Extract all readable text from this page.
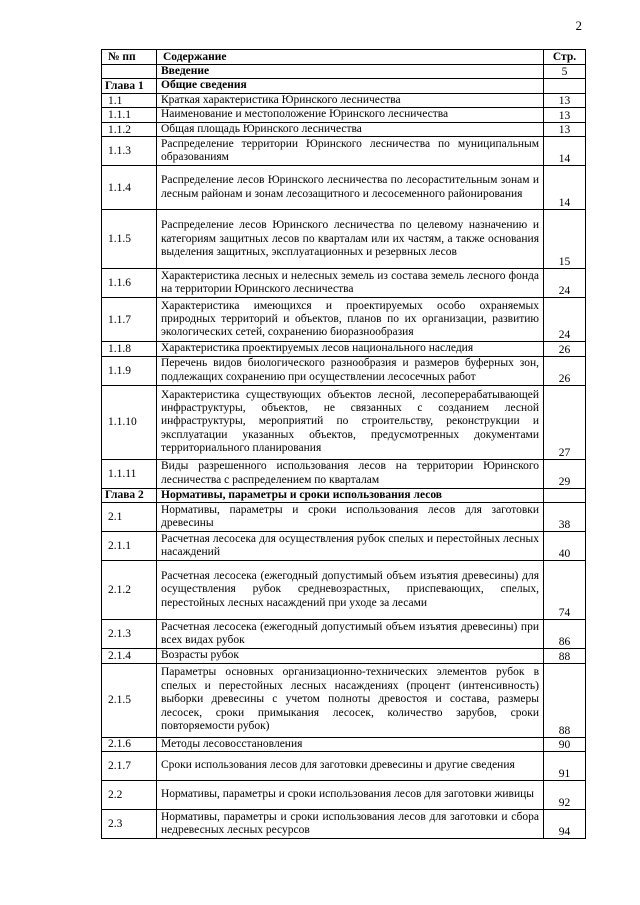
2
№ пп	Содержание	Стр.
	Введение	5
Глава 1	Общие сведения	
1.1	Краткая характеристика Юринского лесничества	13
1.1.1	Наименование и местоположение Юринского лесничества	13
1.1.2	Общая площадь Юринского лесничества	13
1.1.3	Распределение территории Юринского лесничества по муниципальным образованиям	14
1.1.4	Распределение лесов Юринского лесничества по лесорастительным зонам и лесным районам и зонам лесозащитного и лесосеменного районирования	14
1.1.5	Распределение лесов Юринского лесничества по целевому назначению и категориям защитных лесов по кварталам или их частям, а также основания выделения защитных, эксплуатационных и резервных лесов	15
1.1.6	Характеристика лесных и нелесных земель из состава земель лесного фонда на территории Юринского лесничества	24
1.1.7	Характеристика имеющихся и проектируемых особо охраняемых природных территорий и объектов, планов по их организации, развитию экологических сетей, сохранению биоразнообразия	24
1.1.8	Характеристика проектируемых лесов национального наследия	26
1.1.9	Перечень видов биологического разнообразия и размеров буферных зон, подлежащих сохранению при осуществлении лесосечных работ	26
1.1.10	Характеристика существующих объектов лесной, лесоперерабатывающей инфраструктуры, объектов, не связанных с созданием лесной инфраструктуры, мероприятий по строительству, реконструкции и эксплуатации указанных объектов, предусмотренных документами территориального планирования	27
1.1.11	Виды разрешенного использования лесов на территории Юринского лесничества с распределением по кварталам	29
Глава 2	Нормативы, параметры и сроки использования лесов	
2.1	Нормативы, параметры и сроки использования лесов для заготовки древесины	38
2.1.1	Расчетная лесосека для осуществления рубок спелых и перестойных лесных насаждений	40
2.1.2	Расчетная лесосека (ежегодный допустимый объем изъятия древесины) для осуществления рубок средневозрастных, приспевающих, спелых, перестойных лесных насаждений при уходе за лесами	74
2.1.3	Расчетная лесосека (ежегодный допустимый объем изъятия древесины) при всех видах рубок	86
2.1.4	Возрасты рубок	88
2.1.5	Параметры основных организационно-технических элементов рубок в спелых и перестойных лесных насаждениях (процент (интенсивность) выборки древесины с учетом полноты древостоя и состава, размеры лесосек, сроки примыкания лесосек, количество зарубов, сроки повторяемости рубок)	88
2.1.6	Методы лесовосстановления	90
2.1.7	Сроки использования лесов для заготовки древесины и другие сведения	91
2.2	Нормативы, параметры и сроки использования лесов для заготовки живицы	92
2.3	Нормативы, параметры и сроки использования лесов для заготовки и сбора недревесных лесных ресурсов	94
